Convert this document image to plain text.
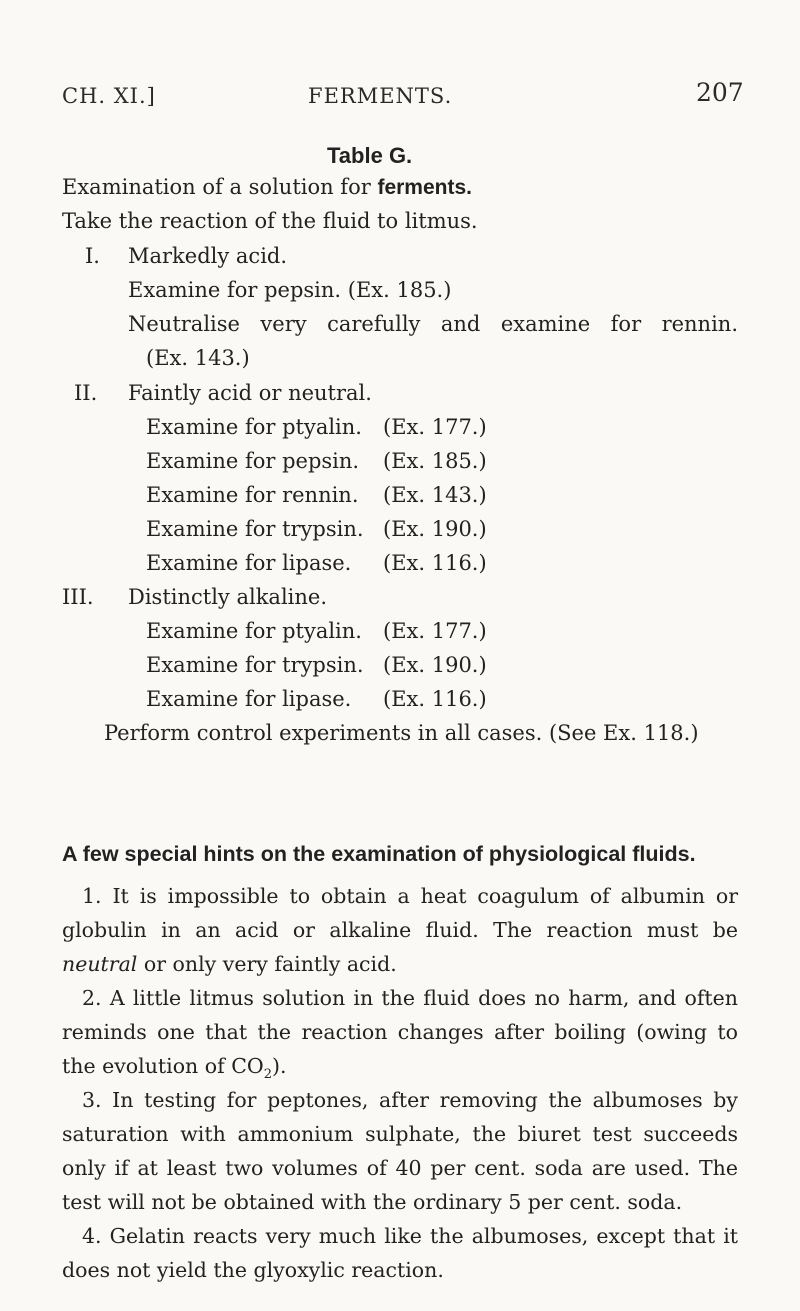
CH. XI.]	FERMENTS.	207
Table G.
Examination of a solution for ferments.
Take the reaction of the fluid to litmus.
I. Markedly acid.
Examine for pepsin. (Ex. 185.)
Neutralise very carefully and examine for rennin.
(Ex. 143.)
II. Faintly acid or neutral.
Examine for ptyalin. (Ex. 177.)
Examine for pepsin. (Ex. 185.)
Examine for rennin. (Ex. 143.)
Examine for trypsin. (Ex. 190.)
Examine for lipase. (Ex. 116.)
III. Distinctly alkaline.
Examine for ptyalin. (Ex. 177.)
Examine for trypsin. (Ex. 190.)
Examine for lipase. (Ex. 116.)
Perform control experiments in all cases. (See Ex. 118.)
A few special hints on the examination of physiological fluids.
1. It is impossible to obtain a heat coagulum of albumin or globulin in an acid or alkaline fluid. The reaction must be neutral or only very faintly acid.
2. A little litmus solution in the fluid does no harm, and often reminds one that the reaction changes after boiling (owing to the evolution of $CO_2$).
3. In testing for peptones, after removing the albumoses by saturation with ammonium sulphate, the biuret test succeeds only if at least two volumes of 40 per cent. soda are used. The test will not be obtained with the ordinary 5 per cent. soda.
4. Gelatin reacts very much like the albumoses, except that it does not yield the glyoxylic reaction.
